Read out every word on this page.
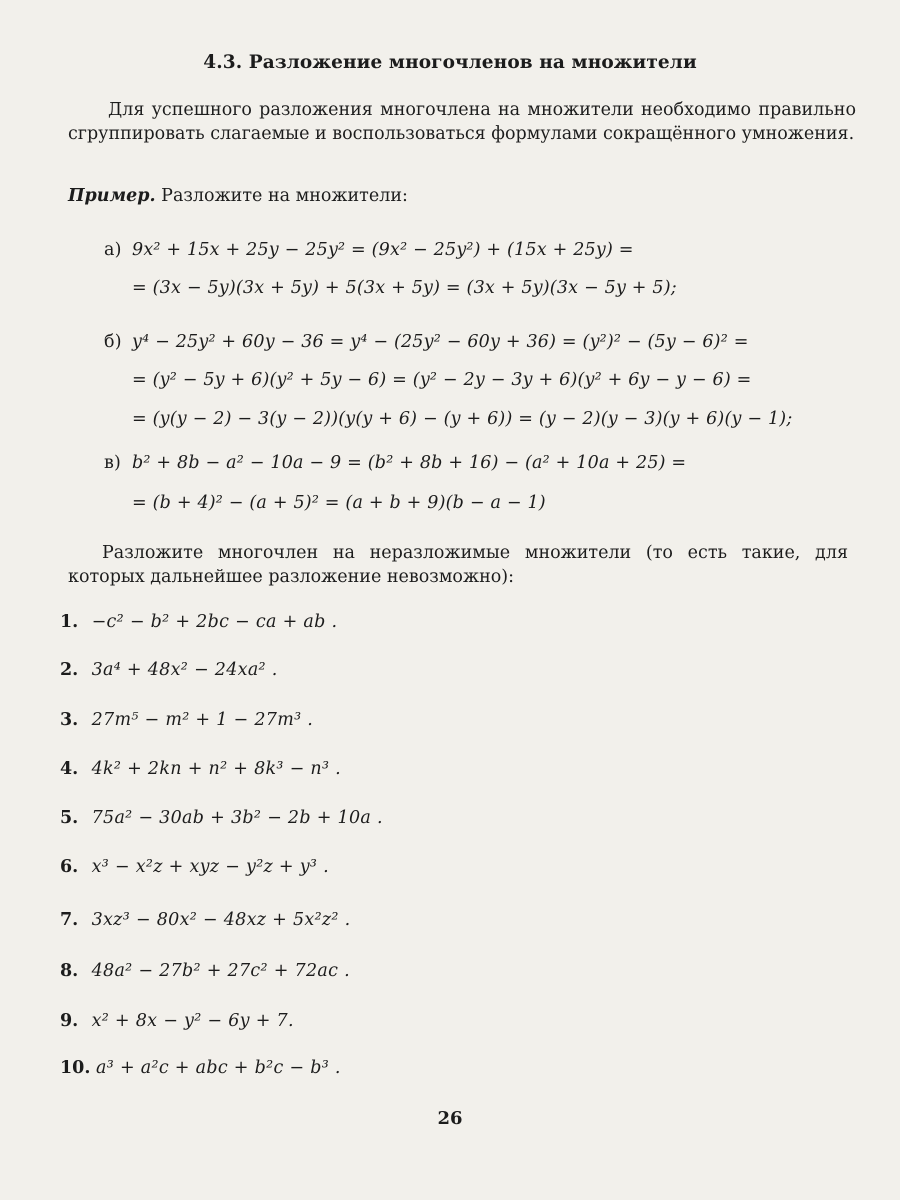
4.3. Разложение многочленов на множители

Для успешного разложения многочлена на множители необходимо правильно сгруппировать слагаемые и воспользоваться формулами сокращённого умножения.

Пример. Разложите на множители:

а) 9x² + 15x + 25y − 25y² = (9x² − 25y²) + (15x + 25y) =

= (3x − 5y)(3x + 5y) + 5(3x + 5y) = (3x + 5y)(3x − 5y + 5);

б) y⁴ − 25y² + 60y − 36 = y⁴ − (25y² − 60y + 36) = (y²)² − (5y − 6)² =

= (y² − 5y + 6)(y² + 5y − 6) = (y² − 2y − 3y + 6)(y² + 6y − y − 6) =

= (y(y − 2) − 3(y − 2))(y(y + 6) − (y + 6)) = (y − 2)(y − 3)(y + 6)(y − 1);

в) b² + 8b − a² − 10a − 9 = (b² + 8b + 16) − (a² + 10a + 25) =

= (b + 4)² − (a + 5)² = (a + b + 9)(b − a − 1)

Разложите многочлен на неразложимые множители (то есть такие, для которых дальнейшее разложение невозможно):

1. −c² − b² + 2bc − ca + ab .

2. 3a⁴ + 48x² − 24xa² .

3. 27m⁵ − m² + 1 − 27m³ .

4. 4k² + 2kn + n² + 8k³ − n³ .

5. 75a² − 30ab + 3b² − 2b + 10a .

6. x³ − x²z + xyz − y²z + y³ .

7. 3xz³ − 80x² − 48xz + 5x²z² .

8. 48a² − 27b² + 27c² + 72ac .

9. x² + 8x − y² − 6y + 7.

10. a³ + a²c + abc + b²c − b³ .

26
